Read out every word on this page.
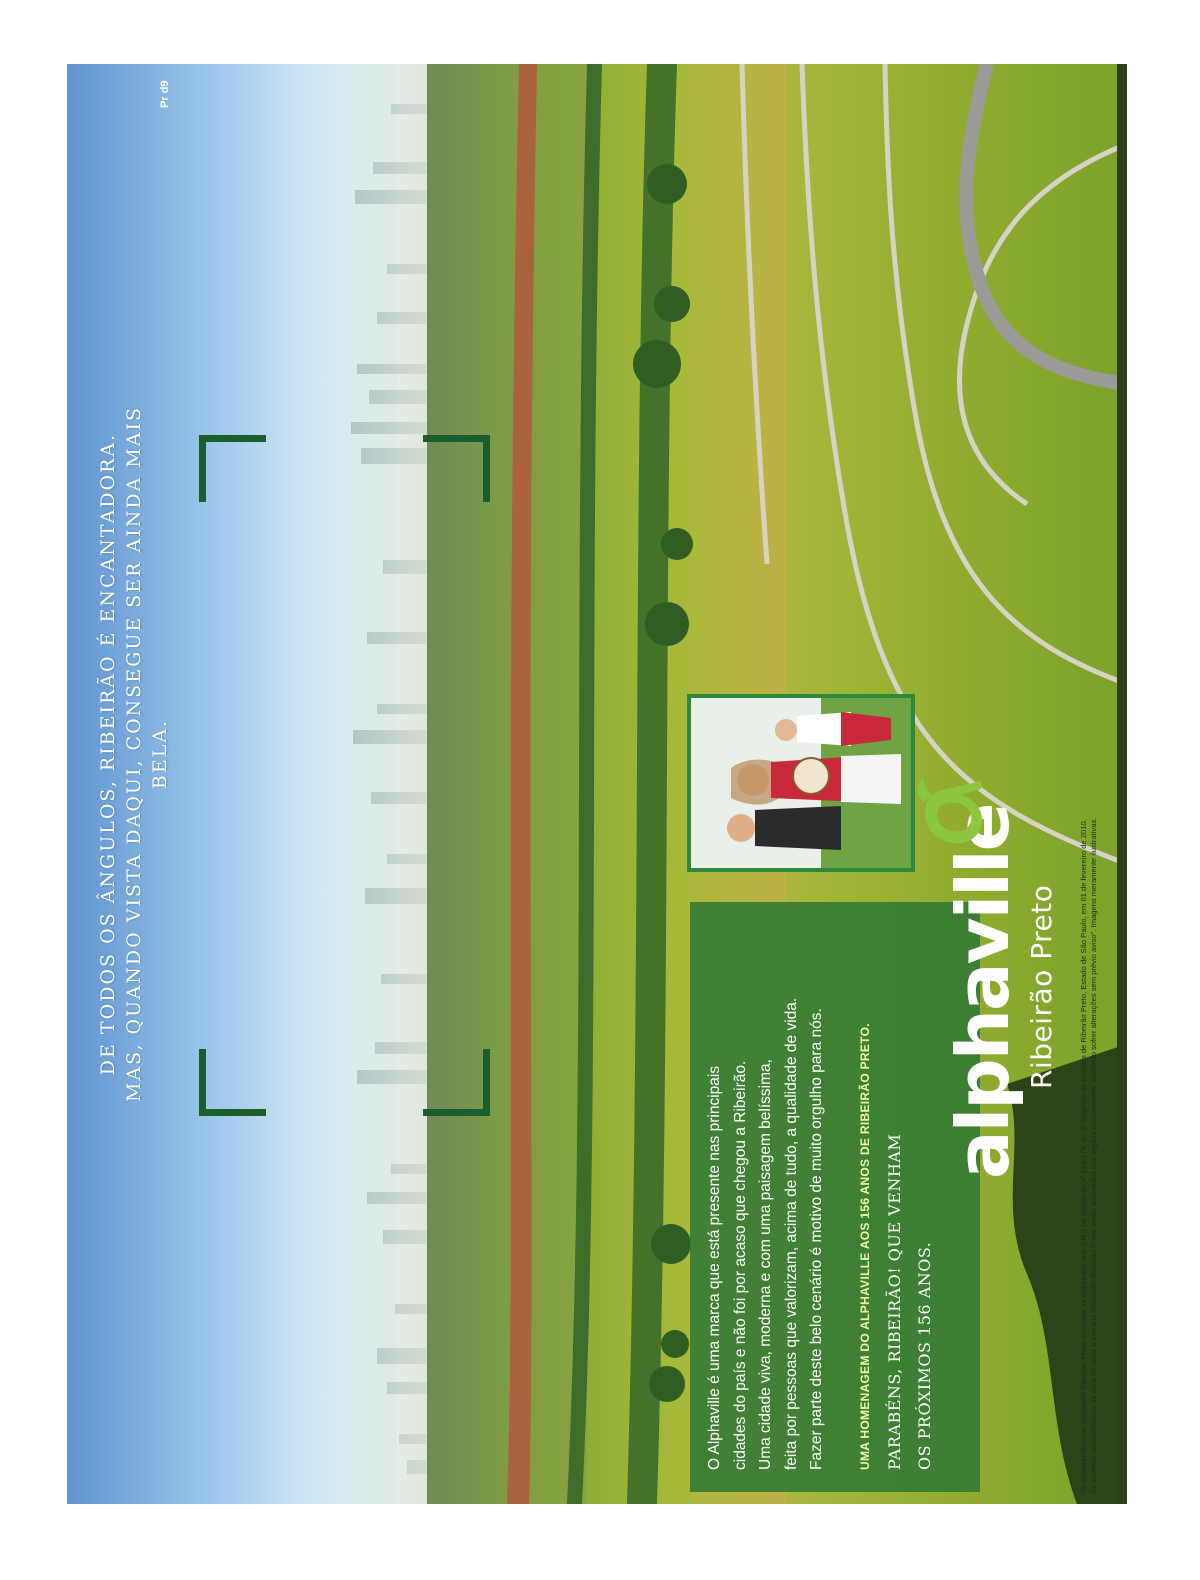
Pr d9
DE TODOS OS ÂNGULOS, RIBEIRÃO É ENCANTADORA. MAS, QUANDO VISTA DAQUI, CONSEGUE SER AINDA MAIS BELA.
O Alphaville é uma marca que está presente nas principais cidades do país e não foi por acaso que chegou a Ribeirão. Uma cidade viva, moderna e com uma paisagem belíssima, feita por pessoas que valorizam, acima de tudo, a qualidade de vida. Fazer parte deste belo cenário é motivo de muito orgulho para nós.	UMA HOMENAGEM DO ALPHAVILLE AOS 156 ANOS DE RIBEIRÃO PRETO. PARABÉNS, RIBEIRÃO! QUE VENHAM OS PRÓXIMOS 156 ANOS.
alphaville Ribeirão Preto	"O empreendimento Alphaville Ribeirão Preto encontra-se registrado sob o R.5 na matrícula nº 124.176, do 2º Registro de Imóveis de Ribeirão Preto, Estado de São Paulo, em 01 de fevereiro de 2010. Os projetos arquitetônicos da área de lazer e portaria Alphaville Ribeirão Preto serão aprovados nos órgãos competentes, podendo sofrer alterações sem prévio aviso". Imagens meramente ilustrativas.
